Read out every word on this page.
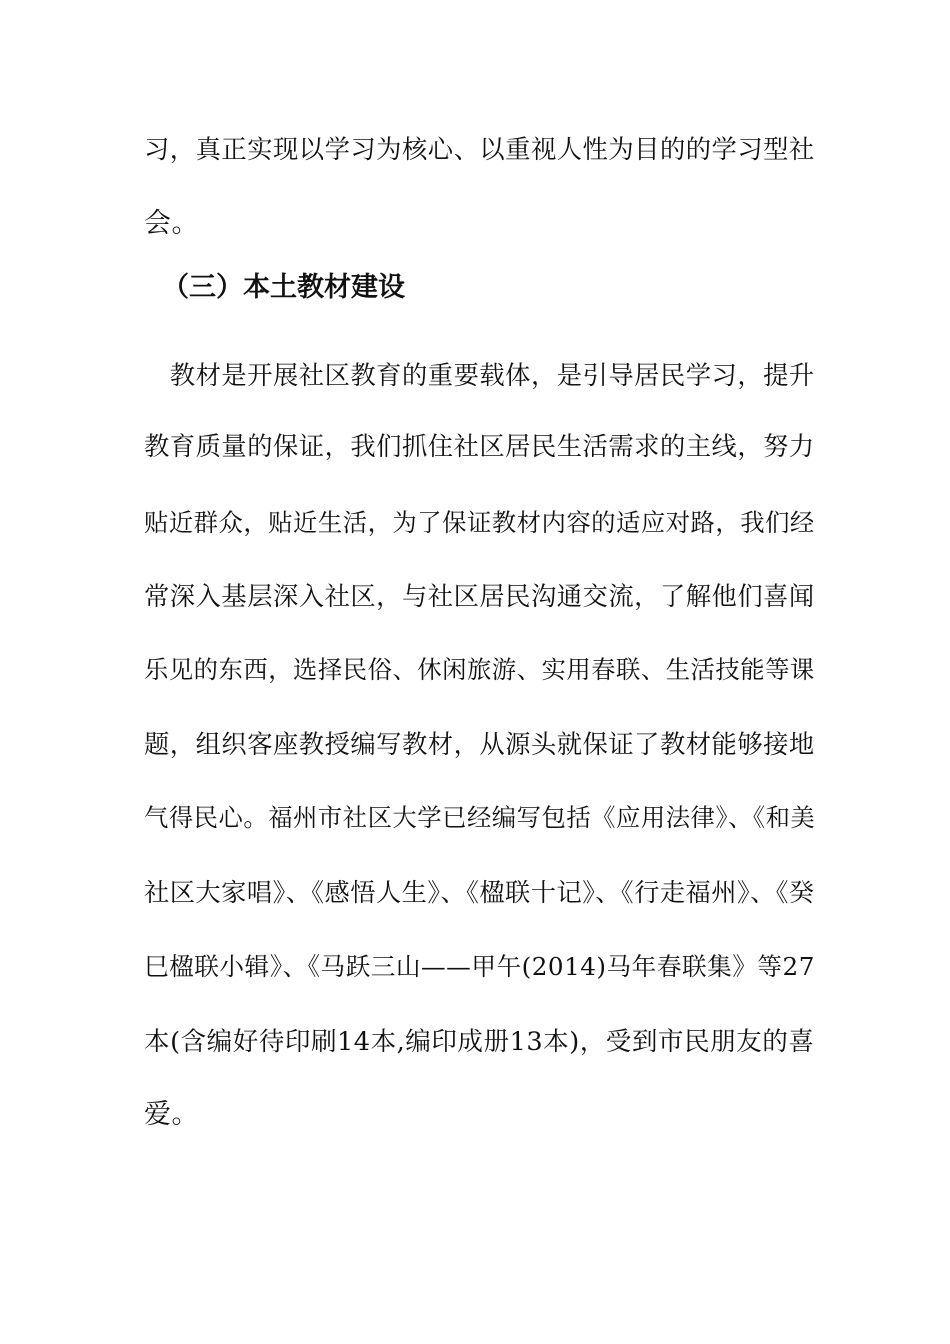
习，真正实现以学习为核心、以重视人性为目的的学习型社
会。
（三）本土教材建设
　教材是开展社区教育的重要载体，是引导居民学习，提升
教育质量的保证，我们抓住社区居民生活需求的主线，努力
贴近群众，贴近生活，为了保证教材内容的适应对路，我们经
常深入基层深入社区，与社区居民沟通交流，了解他们喜闻
乐见的东西，选择民俗、休闲旅游、实用春联、生活技能等课
题，组织客座教授编写教材，从源头就保证了教材能够接地
气得民心。福州市社区大学已经编写包括《应用法律》、《和美
社区大家唱》、《感悟人生》、《楹联十记》、《行走福州》、《癸
巳楹联小辑》、《马跃三山——甲午(2014)马年春联集》等27
本(含编好待印刷14本,编印成册13本)，受到市民朋友的喜
爱。
